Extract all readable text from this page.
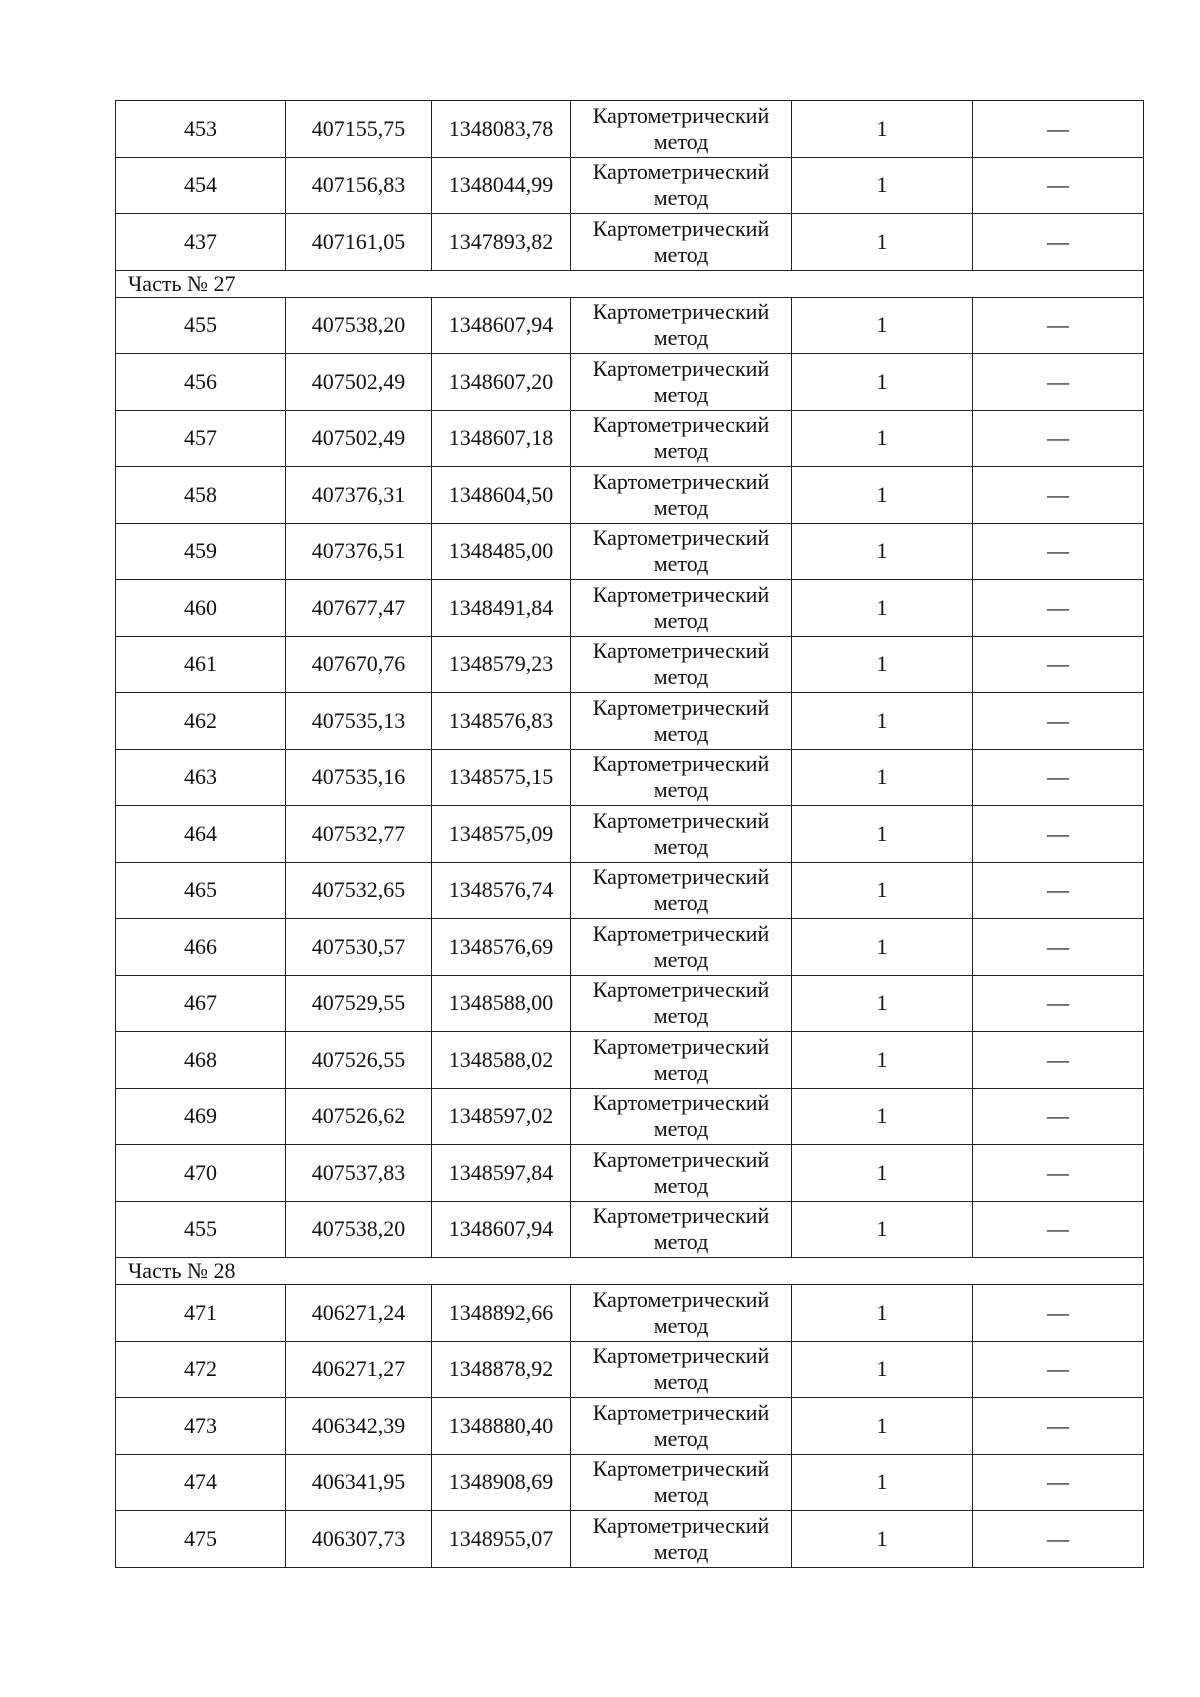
453	407155,75	1348083,78	Картометрический метод	1	—
454	407156,83	1348044,99	Картометрический метод	1	—
437	407161,05	1347893,82	Картометрический метод	1	—
Часть № 27					
455	407538,20	1348607,94	Картометрический метод	1	—
456	407502,49	1348607,20	Картометрический метод	1	—
457	407502,49	1348607,18	Картометрический метод	1	—
458	407376,31	1348604,50	Картометрический метод	1	—
459	407376,51	1348485,00	Картометрический метод	1	—
460	407677,47	1348491,84	Картометрический метод	1	—
461	407670,76	1348579,23	Картометрический метод	1	—
462	407535,13	1348576,83	Картометрический метод	1	—
463	407535,16	1348575,15	Картометрический метод	1	—
464	407532,77	1348575,09	Картометрический метод	1	—
465	407532,65	1348576,74	Картометрический метод	1	—
466	407530,57	1348576,69	Картометрический метод	1	—
467	407529,55	1348588,00	Картометрический метод	1	—
468	407526,55	1348588,02	Картометрический метод	1	—
469	407526,62	1348597,02	Картометрический метод	1	—
470	407537,83	1348597,84	Картометрический метод	1	—
455	407538,20	1348607,94	Картометрический метод	1	—
Часть № 28					
471	406271,24	1348892,66	Картометрический метод	1	—
472	406271,27	1348878,92	Картометрический метод	1	—
473	406342,39	1348880,40	Картометрический метод	1	—
474	406341,95	1348908,69	Картометрический метод	1	—
475	406307,73	1348955,07	Картометрический метод	1	—
